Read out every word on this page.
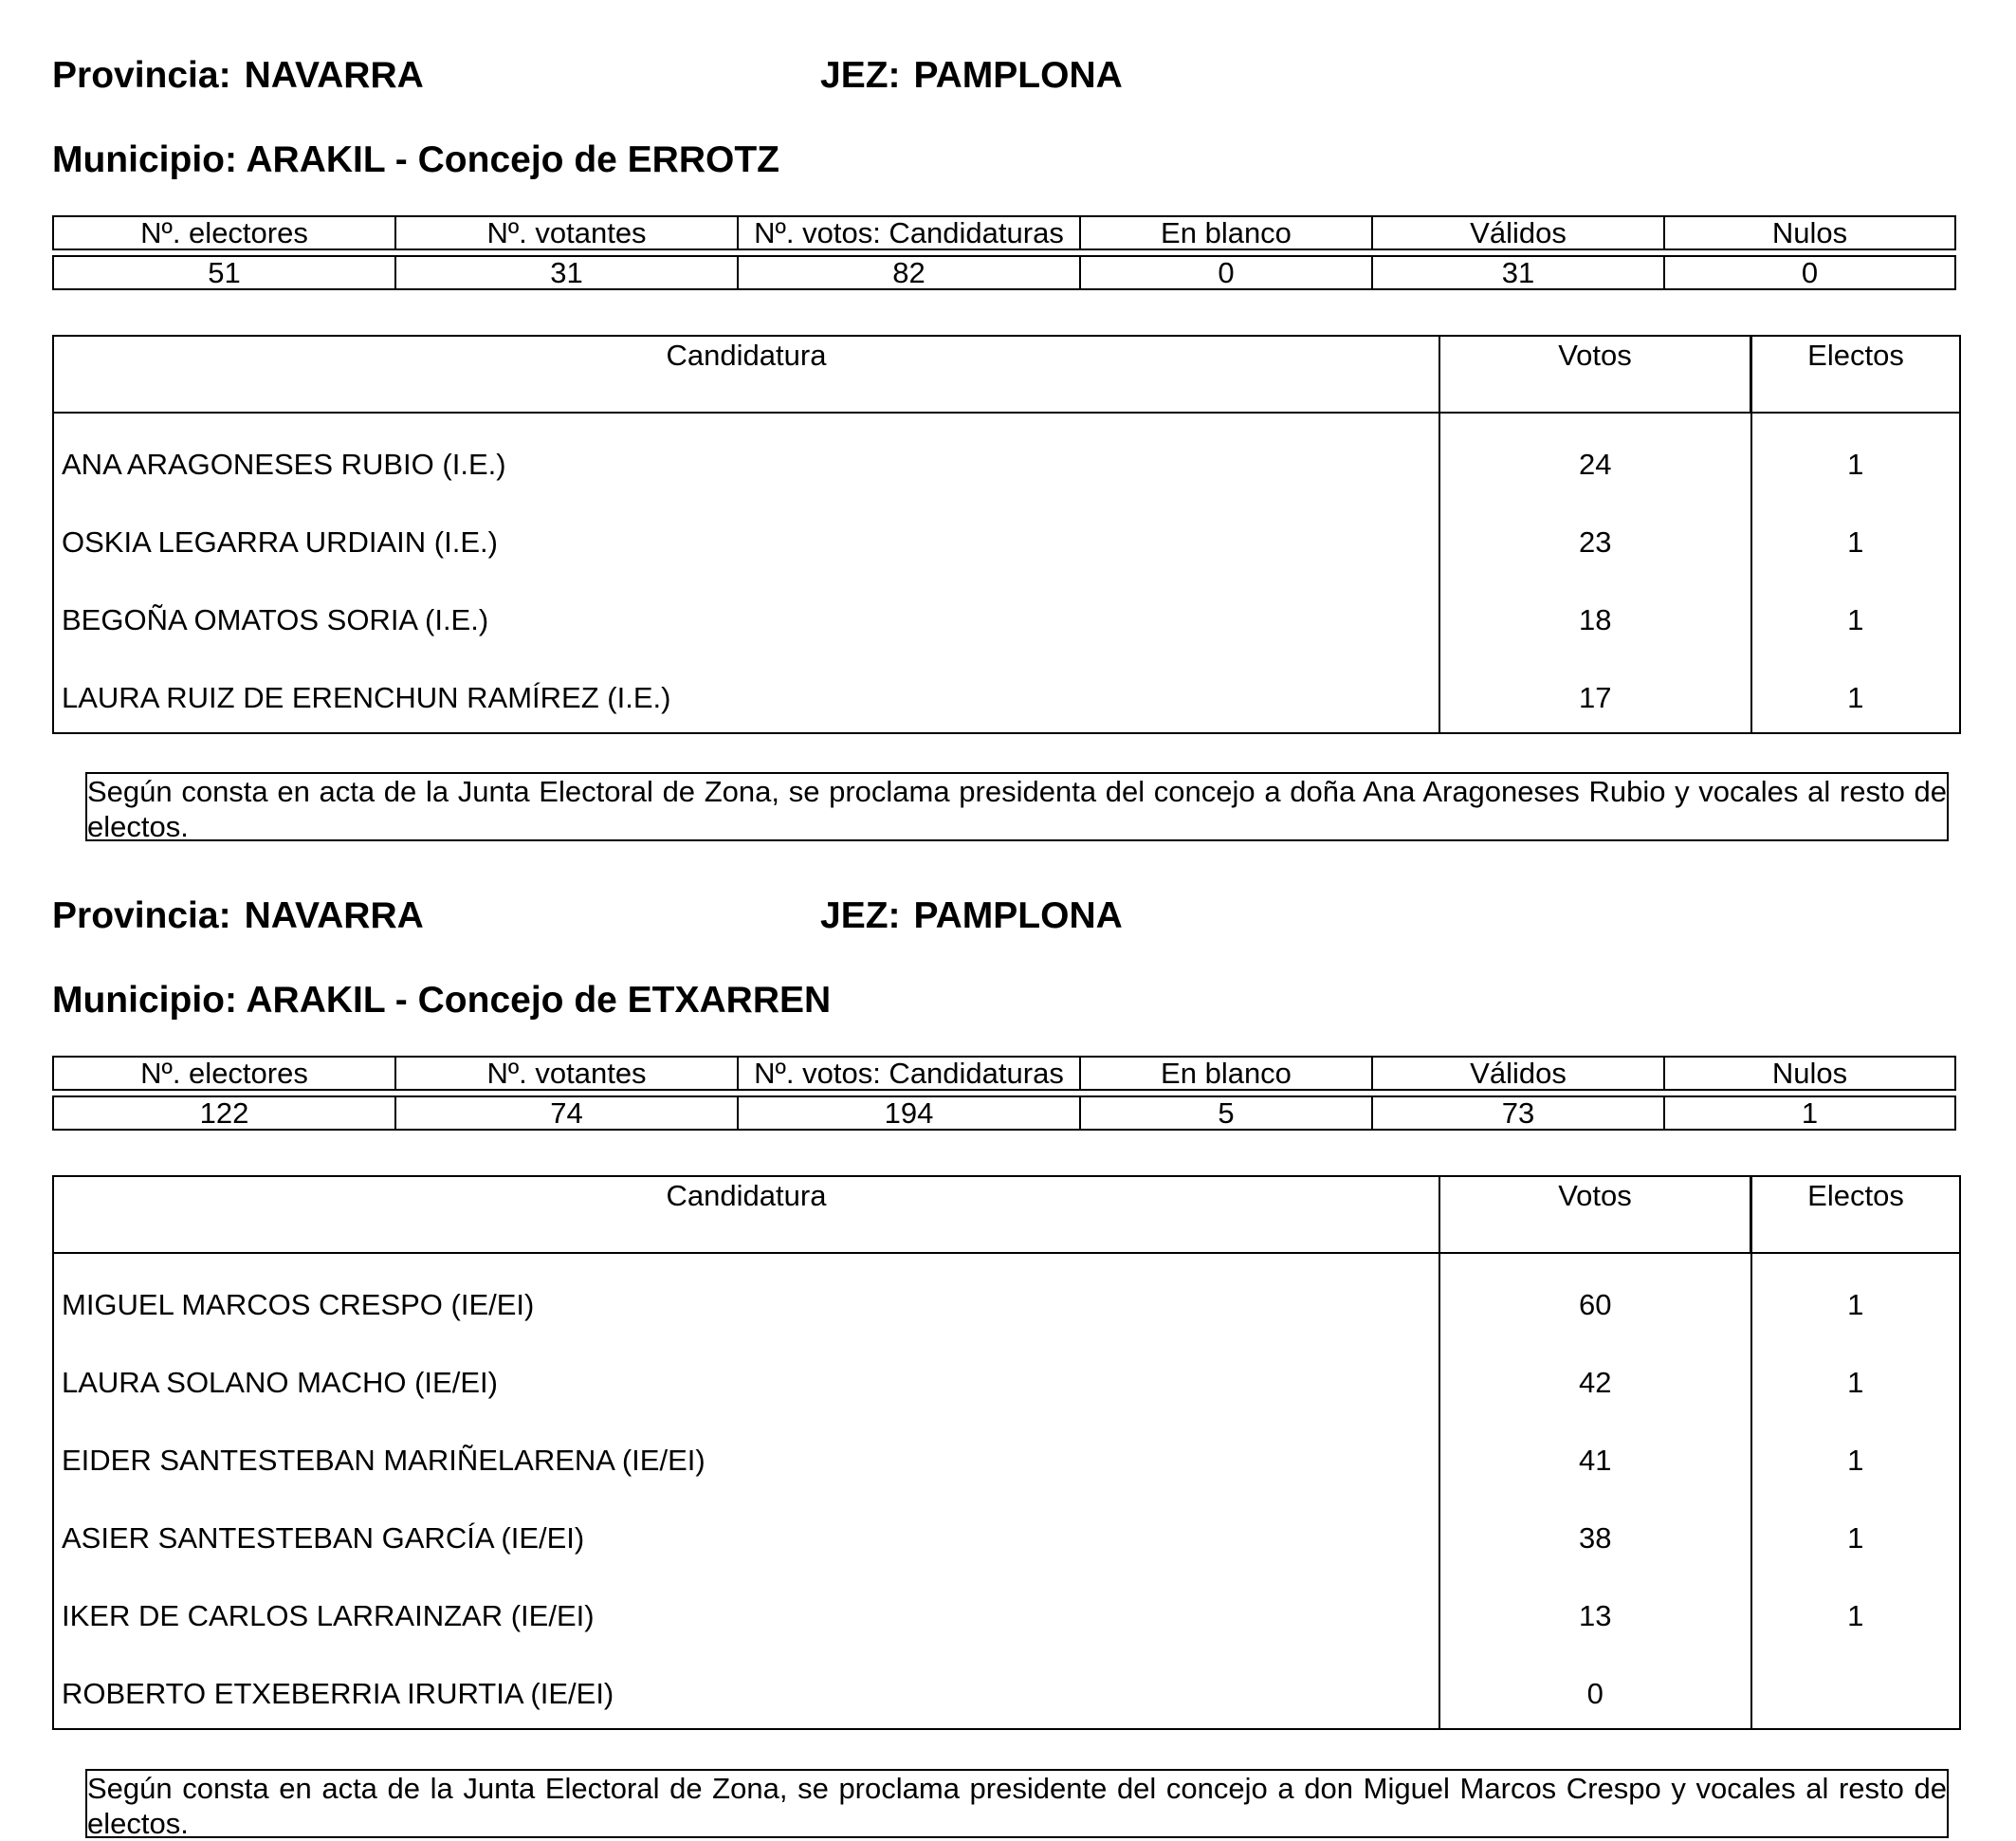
Provincia: NAVARRA	JEZ: PAMPLONA
Municipio: ARAKIL - Concejo de ERROTZ
Nº. electores	Nº. votantes	Nº. votos: Candidaturas	En blanco	Válidos	Nulos
51	31	82	0	31	0
Candidatura	Votos	Electos

ANA ARAGONESES RUBIO (I.E.)	24	1

OSKIA LEGARRA URDIAIN (I.E.)	23	1

BEGOÑA OMATOS SORIA (I.E.)	18	1

LAURA RUIZ DE ERENCHUN RAMÍREZ (I.E.)	17	1
Según consta en acta de la Junta Electoral de Zona, se proclama presidenta del concejo a doña Ana Aragoneses Rubio y vocales al resto de electos.
Provincia: NAVARRA	JEZ: PAMPLONA
Municipio: ARAKIL - Concejo de ETXARREN
Nº. electores	Nº. votantes	Nº. votos: Candidaturas	En blanco	Válidos	Nulos
122	74	194	5	73	1
Candidatura	Votos	Electos

MIGUEL MARCOS CRESPO (IE/EI)	60	1

LAURA SOLANO MACHO (IE/EI)	42	1

EIDER SANTESTEBAN MARIÑELARENA (IE/EI)	41	1

ASIER SANTESTEBAN GARCÍA (IE/EI)	38	1

IKER DE CARLOS LARRAINZAR (IE/EI)	13	1

ROBERTO ETXEBERRIA IRURTIA (IE/EI)	0	

Según consta en acta de la Junta Electoral de Zona, se proclama presidente del concejo a don Miguel Marcos Crespo y vocales al resto de electos.
